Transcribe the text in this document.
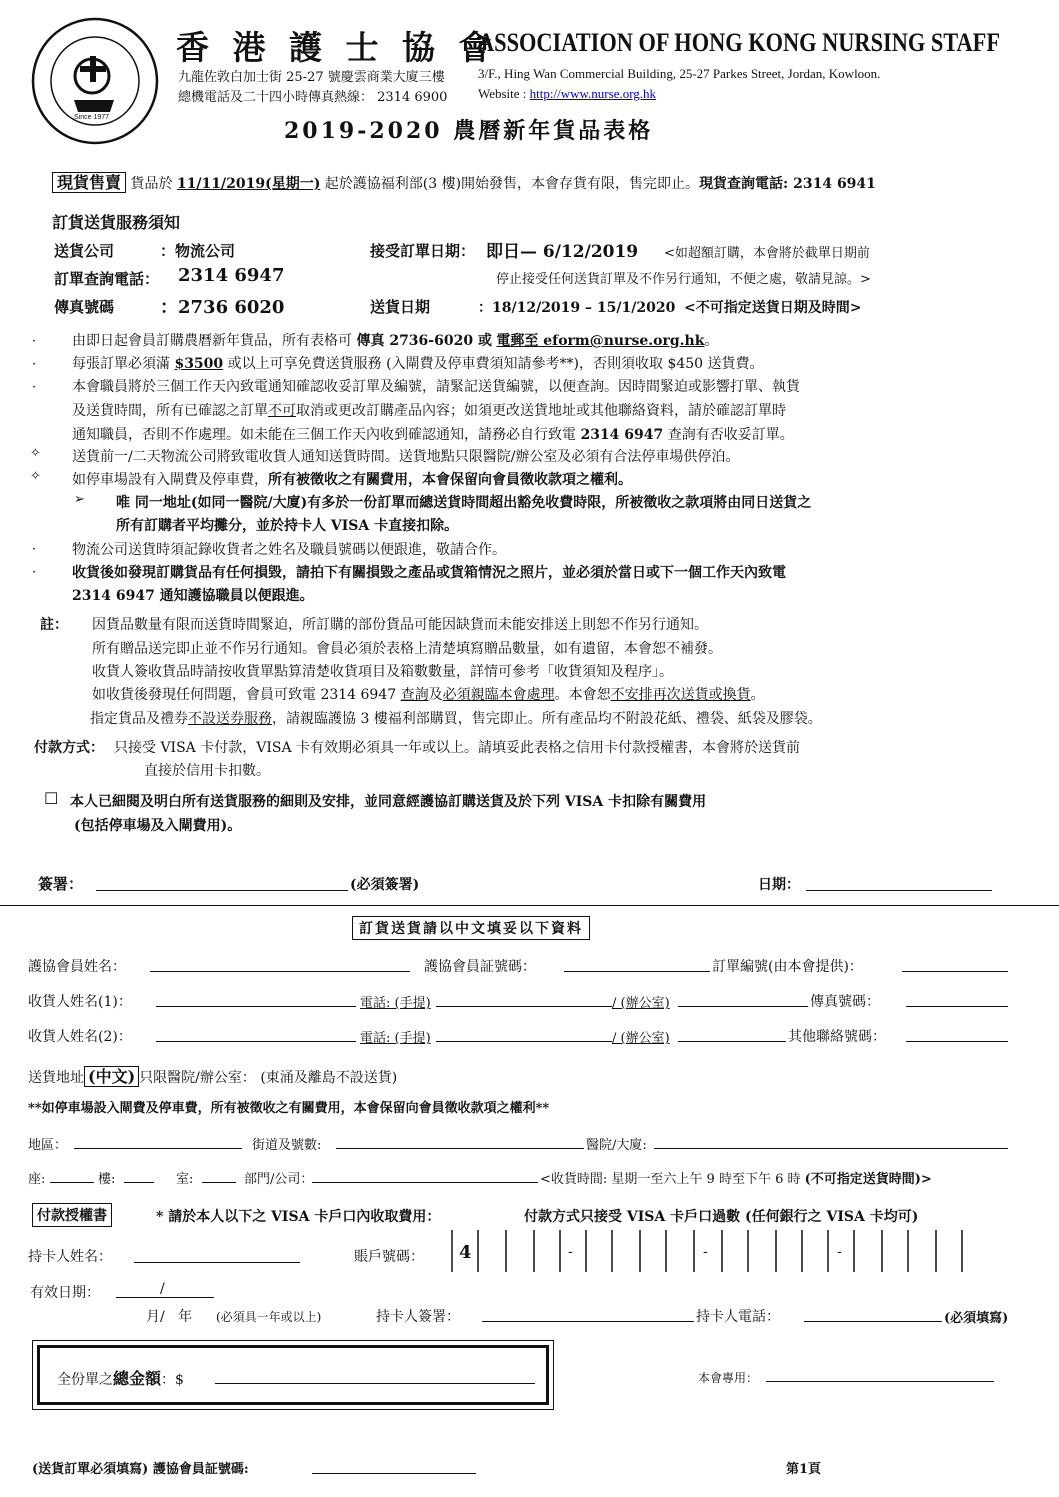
Since 1977
香 港 護 士 協 會
ASSOCIATION OF HONG KONG NURSING STAFF
九龍佐敦白加士街 25-27 號慶雲商業大廈三樓	3/F., Hing Wan Commercial Building, 25-27 Parkes Street, Jordan, Kowloon.
總機電話及二十四小時傳真熱線： 2314 6900 Website : http://www.nurse.org.hk
2019-2020 農曆新年貨品表格
現貨售賣 貨品於 11/11/2019(星期一) 起於護協福利部(3 樓)開始發售，本會存貨有限，售完即止。現貨查詢電話: 2314 6941
訂貨送貨服務須知
送貨公司	：物流公司	接受訂單日期： 即日— 6/12/2019 <如超額訂購，本會將於截單日期前
訂單查詢電話： 2314 6947	停止接受任何送貨訂單及不作另行通知，不便之處，敬請見諒。>
傳真號碼	：2736 6020	送貨日期	：18/12/2019 – 15/1/2020 <不可指定送貨日期及時間>
·	由即日起會員訂購農曆新年貨品，所有表格可 傳真 2736-6020 或 電郵至 eform@nurse.org.hk。
·	每張訂單必須滿 $3500 或以上可享免費送貨服務 (入閘費及停車費須知請參考**)，否則須收取 $450 送貨費。
·	本會職員將於三個工作天內致電通知確認收妥訂單及編號，請緊記送貨編號，以便查詢。因時間緊迫或影響打單、執貨
及送貨時間，所有已確認之訂單不可取消或更改訂購產品內容；如須更改送貨地址或其他聯絡資料，請於確認訂單時
通知職員，否則不作處理。如未能在三個工作天內收到確認通知，請務必自行致電 2314 6947 查詢有否收妥訂單。
✧ 送貨前一/二天物流公司將致電收貨人通知送貨時間。送貨地點只限醫院/辦公室及必須有合法停車場供停泊。
✧ 如停車場設有入閘費及停車費，所有被徵收之有關費用，本會保留向會員徵收款項之權利。
➢ 唯 同一地址(如同一醫院/大廈)有多於一份訂單而總送貨時間超出豁免收費時限，所被徵收之款項將由同日送貨之
所有訂購者平均攤分，並於持卡人 VISA 卡直接扣除。
·	物流公司送貨時須記錄收貨者之姓名及職員號碼以便跟進，敬請合作。
·	收貨後如發現訂購貨品有任何損毀，請拍下有關損毀之產品或貨箱情況之照片，並必須於當日或下一個工作天內致電
2314 6947 通知護協職員以便跟進。
註： 因貨品數量有限而送貨時間緊迫，所訂購的部份貨品可能因缺貨而未能安排送上則恕不作另行通知。
所有贈品送完即止並不作另行通知。會員必須於表格上清楚填寫贈品數量，如有遺留，本會恕不補發。
收貨人簽收貨品時請按收貨單點算清楚收貨項目及箱數數量，詳情可參考「收貨須知及程序」。
如收貨後發現任何問題，會員可致電 2314 6947 查詢及必須親臨本會處理。本會恕不安排再次送貨或換貨。
指定貨品及禮券不設送券服務，請親臨護協 3 樓福利部購買，售完即止。所有產品均不附設花紙、禮袋、紙袋及膠袋。
付款方式： 只接受 VISA 卡付款，VISA 卡有效期必須具一年或以上。請填妥此表格之信用卡付款授權書，本會將於送貨前
直接於信用卡扣數。
☐ 本人已細閱及明白所有送貨服務的細則及安排，並同意經護協訂購送貨及於下列 VISA 卡扣除有關費用
(包括停車場及入閘費用)。
簽署：	(必須簽署)	日期：
訂貨送貨請以中文填妥以下資料
護協會員姓名：	護協會員証號碼：	訂單編號(由本會提供)：
收貨人姓名(1)：	電話: (手提)	/ (辦公室)	傳真號碼：
收貨人姓名(2)：	電話: (手提)	/ (辦公室)	其他聯絡號碼：
送貨地址 (中文) 只限醫院/辦公室： (東涌及離島不設送貨)
**如停車場設入閘費及停車費，所有被徵收之有關費用，本會保留向會員徵收款項之權利**
地區：	街道及號數:	醫院/大廈:
座:	樓:	室:	部門/公司：	<收貨時間: 星期一至六上午 9 時至下午 6 時 (不可指定送貨時間)>
付款授權書	* 請於本人以下之 VISA 卡戶口內收取費用：	付款方式只接受 VISA 卡戶口過數 (任何銀行之 VISA 卡均可)
持卡人姓名：	賬戶號碼： 4	-	-	-
有效日期：	/
月/   年 (必須具一年或以上)	持卡人簽署：	持卡人電話：	(必須填寫)
全份單之總金額：$	本會專用：
(送貨訂單必須填寫) 護協會員証號碼:	第1頁
